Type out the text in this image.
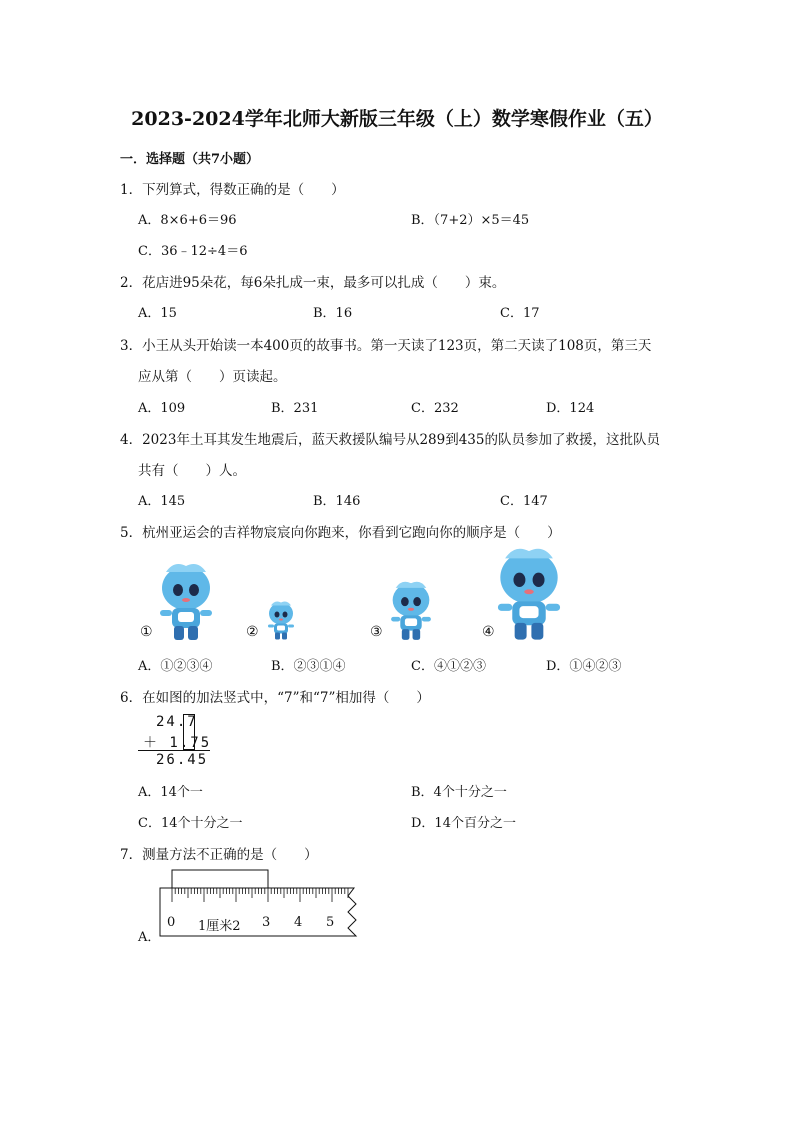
2023-2024学年北师大新版三年级（上）数学寒假作业（五）
一．选择题（共7小题）
1．下列算式，得数正确的是（　　）
A．8×6+6＝96	B．（7+2）×5＝45
C．36﹣12÷4＝6
2．花店进95朵花，每6朵扎成一束，最多可以扎成（　　）束。
A．15	B．16	C．17
3．小王从头开始读一本400页的故事书。第一天读了123页，第二天读了108页，第三天
应从第（　　）页读起。
A．109	B．231	C．232	D．124
4．2023年土耳其发生地震后，蓝天救援队编号从289到435的队员参加了救援，这批队员
共有（　　）人。
A．145	B．146	C．147
5．杭州亚运会的吉祥物宸宸向你跑来，你看到它跑向你的顺序是（　　）
①	②	③	④
A．①②③④	B．②③①④	C．④①②③	D．①④②③
6．在如图的加法竖式中，“7”和“7”相加得（　　）
24.7
＋ 1.75
26.45
A．14个一	B．4个十分之一
C．14个十分之一	D．14个百分之一
7．测量方法不正确的是（　　）
0 1厘米2 3 4 5
A．
